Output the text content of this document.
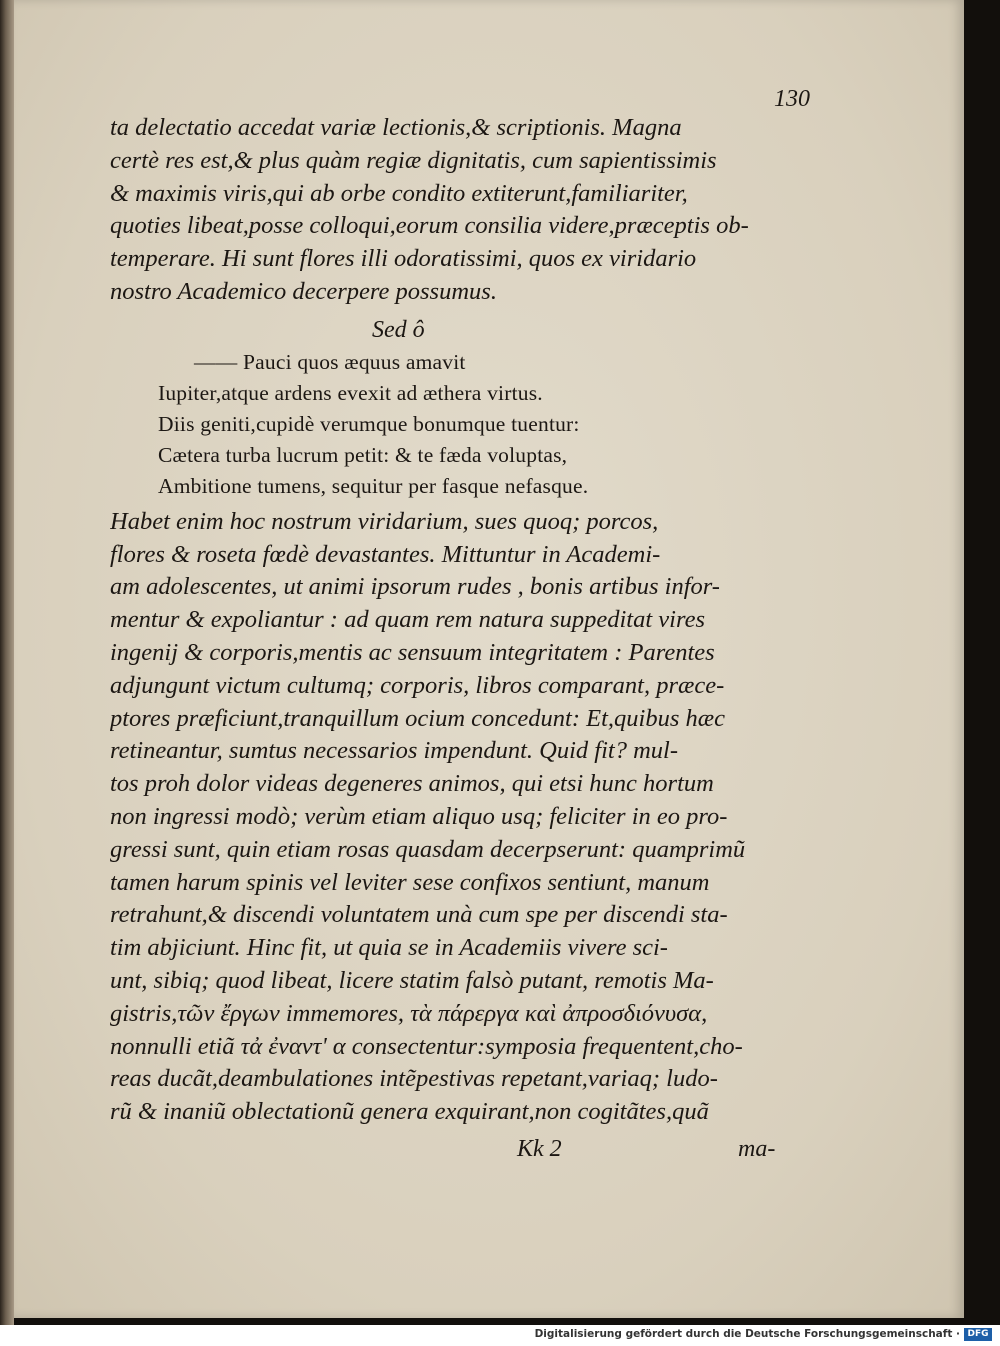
130
ta delectatio accedat variæ lectionis,& scriptionis. Magna
certè res est,& plus quàm regiæ dignitatis, cum sapientissimis
& maximis viris,qui ab orbe condito extiterunt,familiariter,
quoties libeat,posse colloqui,eorum consilia videre,præceptis ob-
temperare. Hi sunt flores illi odoratissimi, quos ex viridario
nostro Academico decerpere possumus.
Sed ô
—— Pauci quos æquus amavit
Iupiter,atque ardens evexit ad æthera virtus.
Diis geniti,cupidè verumque bonumque tuentur:
Cætera turba lucrum petit: & te fæda voluptas,
Ambitione tumens, sequitur per fasque nefasque.
Habet enim hoc nostrum viridarium, sues quoq; porcos,
flores & roseta fœdè devastantes. Mittuntur in Academi-
am adolescentes, ut animi ipsorum rudes , bonis artibus infor-
mentur & expoliantur : ad quam rem natura suppeditat vires
ingenij & corporis,mentis ac sensuum integritatem : Parentes
adjungunt victum cultumq; corporis, libros comparant, præce-
ptores præficiunt,tranquillum ocium concedunt: Et,quibus hæc
retineantur, sumtus necessarios impendunt. Quid fit? mul-
tos proh dolor videas degeneres animos, qui etsi hunc hortum
non ingressi modò; verùm etiam aliquo usq; feliciter in eo pro-
gressi sunt, quin etiam rosas quasdam decerpserunt: quamprimũ
tamen harum spinis vel leviter sese confixos sentiunt, manum
retrahunt,& discendi voluntatem unà cum spe per discendi sta-
tim abjiciunt. Hinc fit, ut quia se in Academiis vivere sci-
unt, sibiq; quod libeat, licere statim falsò putant, remotis Ma-
gistris,τῶν ἔργων immemores, τὰ πάρεργα καὶ ἀπροσδιόνυσα,
nonnulli etiã τἀ ἐναντ' α consectentur:symposia frequentent,cho-
reas ducãt,deambulationes intẽpestivas repetant,variaq; ludo-
rũ & inaniũ oblectationũ genera exquirant,non cogitãtes,quã
Kk 2	ma-
Digitalisierung gefördert durch die Deutsche Forschungsgemeinschaft · DFG
